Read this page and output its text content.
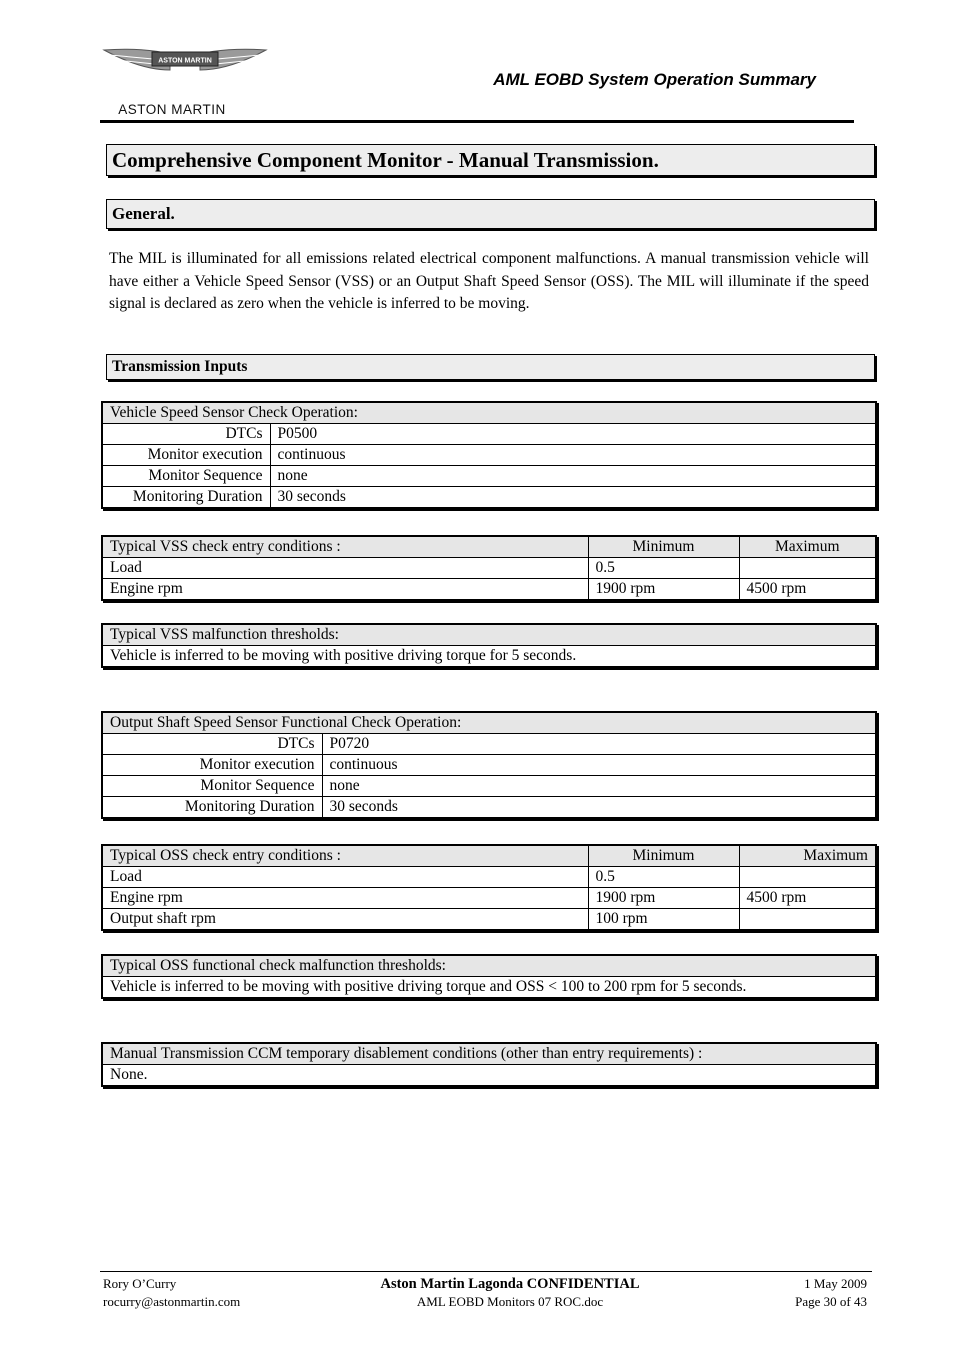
ASTON MARTIN
ASTON MARTIN
AML EOBD System Operation Summary
Comprehensive Component Monitor - Manual Transmission.
General.
The MIL is illuminated for all emissions related electrical component malfunctions. A manual transmission vehicle will have either a Vehicle Speed Sensor (VSS) or an Output Shaft Speed Sensor (OSS). The MIL will illuminate if the speed signal is declared as zero when the vehicle is inferred to be moving.
Transmission Inputs
Vehicle Speed Sensor Check Operation:	
DTCs	P0500
Monitor execution	continuous
Monitor Sequence	none
Monitoring Duration	30 seconds
Typical VSS check entry conditions :	Minimum	Maximum
Load	0.5	
Engine rpm	1900 rpm	4500 rpm
Typical VSS malfunction thresholds:
Vehicle is inferred to be moving with positive driving torque for 5 seconds.
Output Shaft Speed Sensor Functional Check Operation:	
DTCs	P0720
Monitor execution	continuous
Monitor Sequence	none
Monitoring Duration	30 seconds
Typical OSS check entry conditions :	Minimum	Maximum
Load	0.5	
Engine rpm	1900 rpm	4500 rpm
Output shaft rpm	100 rpm	
Typical OSS functional check malfunction thresholds:
Vehicle is inferred to be moving with positive driving torque and OSS < 100 to 200 rpm for 5 seconds.
Manual Transmission CCM temporary disablement conditions (other than entry requirements) :
None.
Rory O’Curry
rocurry@astonmartin.com
Aston Martin Lagonda CONFIDENTIAL
AML EOBD Monitors 07 ROC.doc
1 May 2009
Page 30 of 43
